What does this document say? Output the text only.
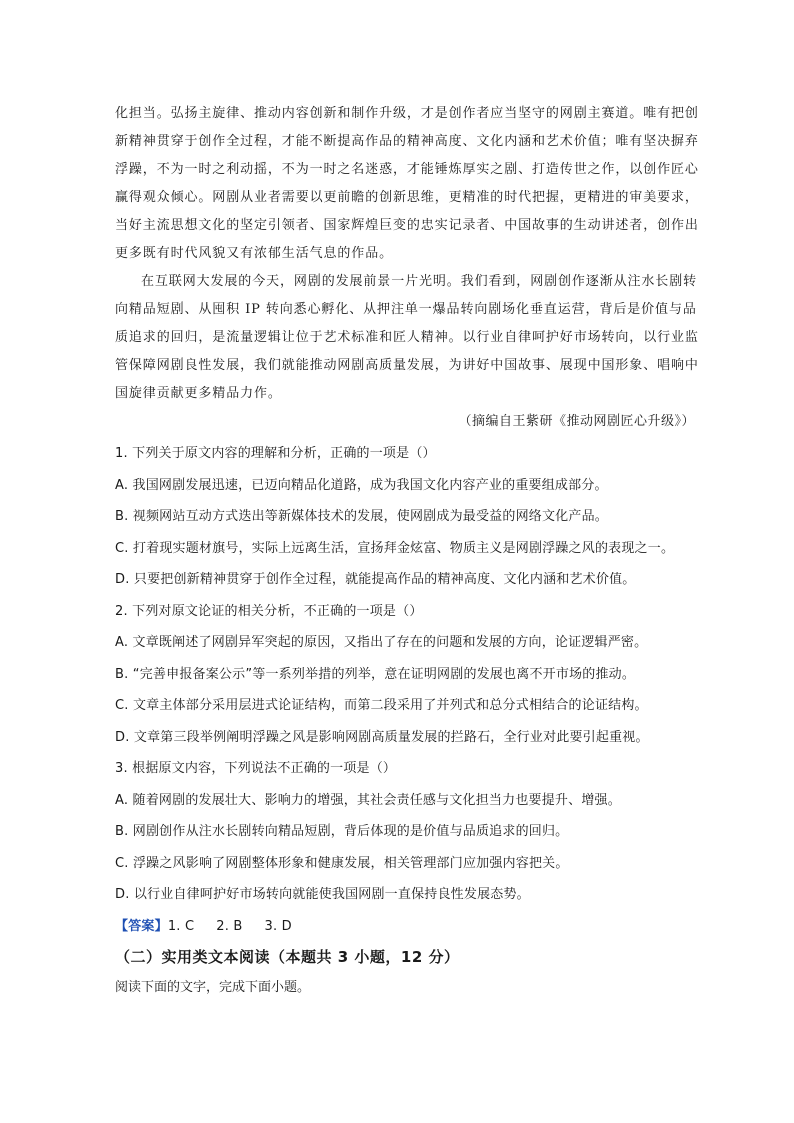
化担当。弘扬主旋律、推动内容创新和制作升级，才是创作者应当坚守的网剧主赛道。唯有把创
新精神贯穿于创作全过程，才能不断提高作品的精神高度、文化内涵和艺术价值；唯有坚决摒弃
浮躁，不为一时之利动摇，不为一时之名迷惑，才能锤炼厚实之剧、打造传世之作，以创作匠心
赢得观众倾心。网剧从业者需要以更前瞻的创新思维，更精准的时代把握，更精进的审美要求，
当好主流思想文化的坚定引领者、国家辉煌巨变的忠实记录者、中国故事的生动讲述者，创作出
更多既有时代风貌又有浓郁生活气息的作品。

在互联网大发展的今天，网剧的发展前景一片光明。我们看到，网剧创作逐渐从注水长剧转
向精品短剧、从囤积 IP 转向悉心孵化、从押注单一爆品转向剧场化垂直运营，背后是价值与品
质追求的回归，是流量逻辑让位于艺术标准和匠人精神。以行业自律呵护好市场转向，以行业监
管保障网剧良性发展，我们就能推动网剧高质量发展，为讲好中国故事、展现中国形象、唱响中
国旋律贡献更多精品力作。

（摘编自王紫研《推动网剧匠心升级》）
1. 下列关于原文内容的理解和分析，正确的一项是（）
A. 我国网剧发展迅速，已迈向精品化道路，成为我国文化内容产业的重要组成部分。
B. 视频网站互动方式迭出等新媒体技术的发展，使网剧成为最受益的网络文化产品。
C. 打着现实题材旗号，实际上远离生活，宣扬拜金炫富、物质主义是网剧浮躁之风的表现之一。
D. 只要把创新精神贯穿于创作全过程，就能提高作品的精神高度、文化内涵和艺术价值。
2. 下列对原文论证的相关分析，不正确的一项是（）
A. 文章既阐述了网剧异军突起的原因，又指出了存在的问题和发展的方向，论证逻辑严密。
B. “完善申报备案公示”等一系列举措的列举，意在证明网剧的发展也离不开市场的推动。
C. 文章主体部分采用层进式论证结构，而第二段采用了并列式和总分式相结合的论证结构。
D. 文章第三段举例阐明浮躁之风是影响网剧高质量发展的拦路石，全行业对此要引起重视。
3. 根据原文内容，下列说法不正确的一项是（）
A. 随着网剧的发展壮大、影响力的增强，其社会责任感与文化担当力也要提升、增强。
B. 网剧创作从注水长剧转向精品短剧，背后体现的是价值与品质追求的回归。
C. 浮躁之风影响了网剧整体形象和健康发展，相关管理部门应加强内容把关。
D. 以行业自律呵护好市场转向就能使我国网剧一直保持良性发展态势。
【答案】1. C 2. B 3. D
（二）实用类文本阅读（本题共 3 小题，12 分）
阅读下面的文字，完成下面小题。
